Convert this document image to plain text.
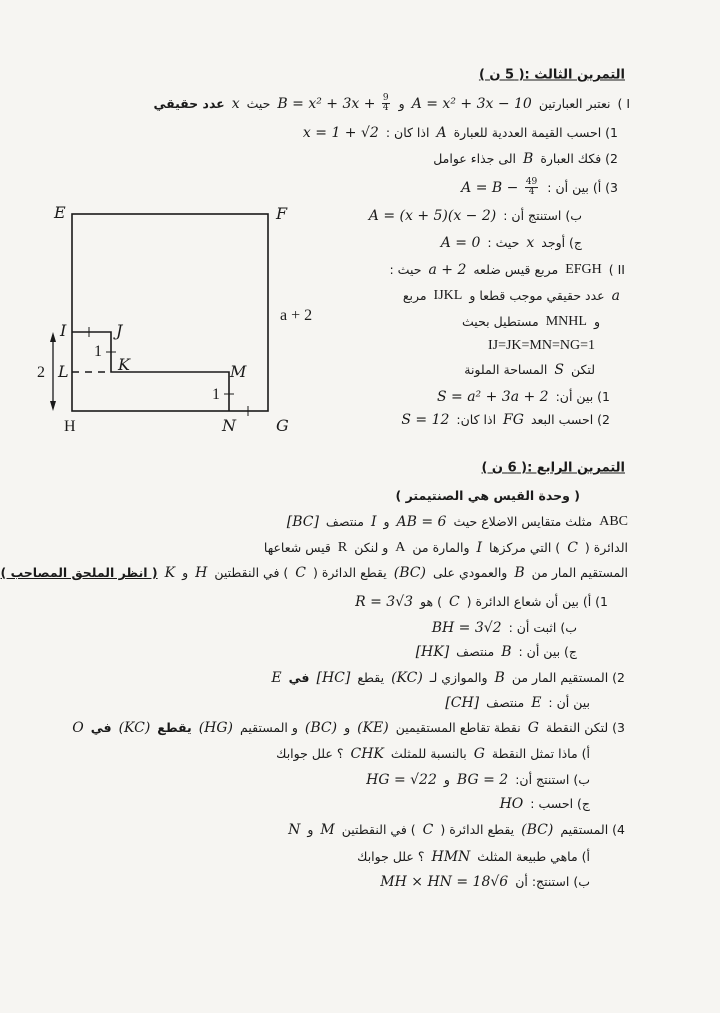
التمرين الثالث :( 5 ن )
I )
نعتبر العبارتين
A = x² + 3x − 10
و
$B = x^2 + 3x + \frac{9}{4}$
حيث
x
عدد حقيقي
1) احسب القيمة العددية للعبارة
A
اذا كان :
x = 1 + √2
2) فكك العبارة
B
الى جذاء عوامل
3) أ) بين أن :
$A = B - \frac{49}{4}$
ب) استنتج أن :
A = (x + 5)(x − 2)
ج) أوجد
x
حيث :
A = 0
II )
EFGH
مربع قيس ضلعه
a + 2
حيث :
a
عدد حقيقي موجب قطعا و
IJKL
مربع
و
MNHL
مستطيل بحيث
IJ=JK=MN=NG=1
لتكن
S
المساحة الملونة
1) بين أن:
S = a² + 3a + 2
2) احسب البعد
FG
اذا كان:
S = 12
E	F
a + 2
I	J
1
K
2 L	M
1
H	N	G
التمرين الرابع :( 6 ن )
( وحدة القيس هي الصنتيمتر )
ABC
مثلث متقايس الاضلاع حيث
AB = 6
و
I
منتصف
[BC]
الدائرة (
C
) التي مركزها
I
والمارة من
A
و لنكن
R
قيس شعاعها
المستقيم المار من
B
والعمودي على
(BC)
يقطع الدائرة (
C
) في النقطتين
H
و
K
( انظر الملحق المصاحب )
1) أ) بين أن شعاع الدائرة (
C
) هو
R = 3√3
ب) اثبت أن :
BH = 3√2
ج) بين أن :
B
منتصف
[HK]
2) المستقيم المار من
B
والموازي لـ
(KC)
يقطع
[HC]
في
E
بين أن :
E
منتصف
[CH]
3) لتكن النقطة
G
نقطة تقاطع المستقيمين
(KE)
و
(BC)
و المستقيم
(HG)
يقطع
(KC)
في
O
أ) ماذا تمثل النقطة
G
بالنسبة للمثلث
CHK
؟ علل جوابك
ب) استنتج أن:
BG = 2
و
HG = √22
ج) احسب :
HO
4) المستقيم
(BC)
يقطع الدائرة (
C
) في النقطتين
M
و
N
أ) ماهي طبيعة المثلث
HMN
؟ علل جوابك
ب) استنتج: أن
MH × HN = 18√6
